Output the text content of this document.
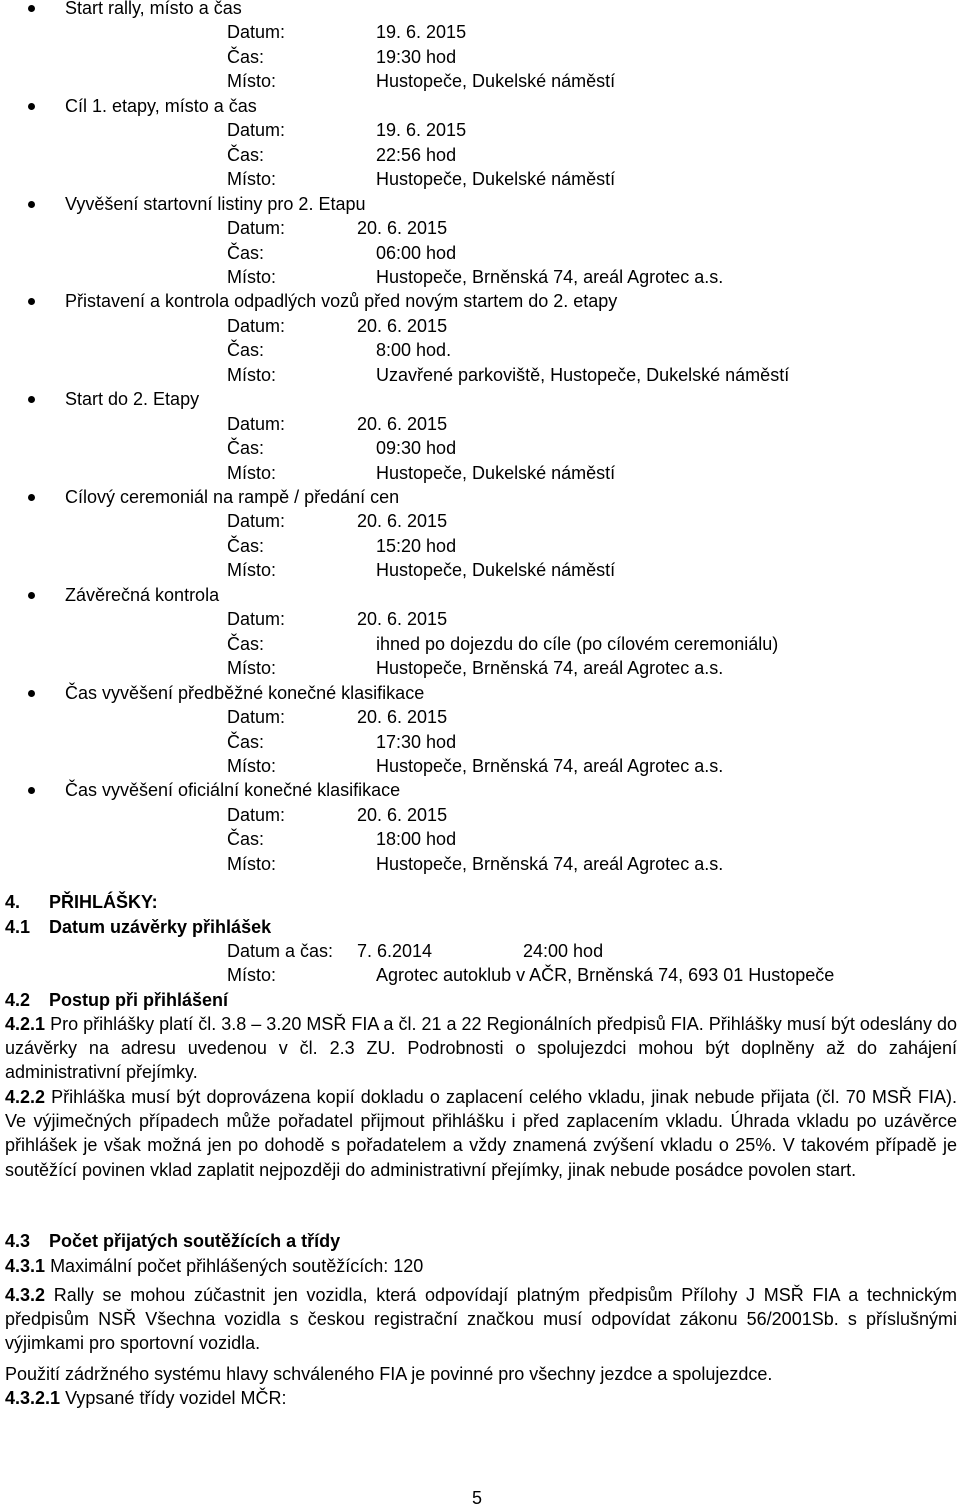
Start rally, místo a čas
Datum:	19. 6. 2015
Čas:	19:30 hod
Místo:	Hustopeče, Dukelské náměstí
Cíl 1. etapy, místo a čas
Datum:	19. 6. 2015
Čas:	22:56 hod
Místo:	Hustopeče, Dukelské náměstí
Vyvěšení startovní listiny pro 2. Etapu
Datum:	20. 6. 2015
Čas:	06:00 hod
Místo:	Hustopeče, Brněnská 74, areál Agrotec a.s.
Přistavení a kontrola odpadlých vozů před novým startem do 2. etapy
Datum:	20. 6. 2015
Čas:	8:00 hod.
Místo:	Uzavřené parkoviště, Hustopeče, Dukelské náměstí
Start do 2. Etapy
Datum:	20. 6. 2015
Čas:	09:30 hod
Místo:	Hustopeče, Dukelské náměstí
Cílový ceremoniál na rampě / předání cen
Datum:	20. 6. 2015
Čas:	15:20 hod
Místo:	Hustopeče, Dukelské náměstí
Závěrečná kontrola
Datum:	20. 6. 2015
Čas:	ihned po dojezdu do cíle (po cílovém ceremoniálu)
Místo:	Hustopeče, Brněnská 74, areál Agrotec a.s.
Čas vyvěšení předběžné konečné klasifikace
Datum:	20. 6. 2015
Čas:	17:30 hod
Místo:	Hustopeče, Brněnská 74, areál Agrotec a.s.
Čas vyvěšení oficiální konečné klasifikace
Datum:	20. 6. 2015
Čas:	18:00 hod
Místo:	Hustopeče, Brněnská 74, areál Agrotec a.s.
4. PŘIHLÁŠKY:
4.1 Datum uzávěrky přihlášek
Datum a čas: 7. 6.2014	24:00 hod
Místo:	Agrotec autoklub v AČR, Brněnská 74, 693 01 Hustopeče
4.2 Postup při přihlášení

4.2.1 Pro přihlášky platí čl. 3.8 – 3.20 MSŘ FIA a čl. 21 a 22 Regionálních předpisů FIA. Přihlášky musí být odeslány do uzávěrky na adresu uvedenou v čl. 2.3 ZU. Podrobnosti o spolujezdci mohou být doplněny až do zahájení administrativní přejímky.

4.2.2 Přihláška musí být doprovázena kopií dokladu o zaplacení celého vkladu, jinak nebude přijata (čl. 70 MSŘ FIA). Ve výjimečných případech může pořadatel přijmout přihlášku i před zaplacením vkladu. Úhrada vkladu po uzávěrce přihlášek je však možná jen po dohodě s pořadatelem a vždy znamená zvýšení vkladu o 25%. V takovém případě je soutěžící povinen vklad zaplatit nejpozději do administrativní přejímky, jinak nebude posádce povolen start.

4.3 Počet přijatých soutěžících a třídy

4.3.1 Maximální počet přihlášených soutěžících: 120

4.3.2 Rally se mohou zúčastnit jen vozidla, která odpovídají platným předpisům Přílohy J MSŘ FIA a technickým předpisům NSŘ Všechna vozidla s českou registrační značkou musí odpovídat zákonu 56/2001Sb. s příslušnými výjimkami pro sportovní vozidla.

Použití zádržného systému hlavy schváleného FIA je povinné pro všechny jezdce a spolujezdce.

4.3.2.1 Vypsané třídy vozidel MČR:

5
